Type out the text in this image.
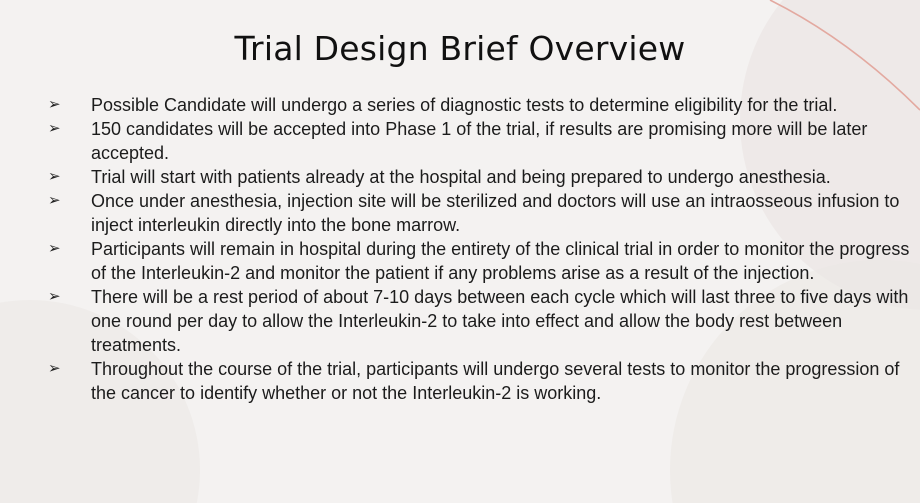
Trial Design Brief Overview
➢	Possible Candidate will undergo a series of diagnostic tests to determine eligibility for the trial.
➢	150 candidates will be accepted into Phase 1 of the trial, if results are promising more will be later accepted.
➢	Trial will start with patients already at the hospital and being prepared to undergo anesthesia.
➢	Once under anesthesia, injection site will be sterilized and doctors will use an intraosseous infusion to inject interleukin directly into the bone marrow.
➢	Participants will remain in hospital during the entirety of the clinical trial in order to monitor the progress of the Interleukin-2 and monitor the patient if any problems arise as a result of the injection.
➢	There will be a rest period of about 7-10 days between each cycle which will last three to five days with one round per day to allow the Interleukin-2 to take into effect and allow the body rest between treatments.
➢	Throughout the course of the trial, participants will undergo several tests to monitor the progression of the cancer to identify whether or not the Interleukin-2 is working.
